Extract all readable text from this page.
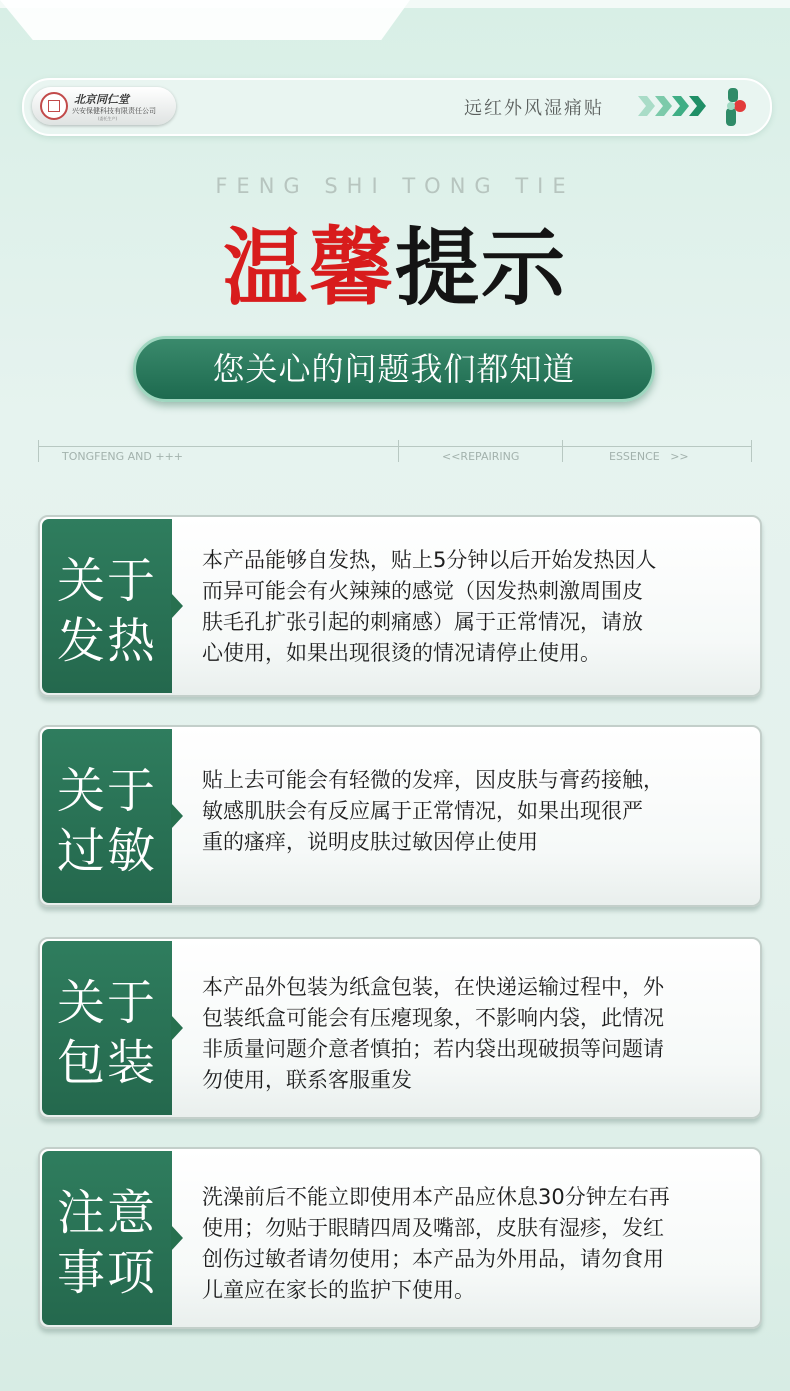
北京同仁堂
兴安保健科技有限责任公司
(委托生产)	远红外风湿痛贴
FENG SHI TONG TIE
温馨提示
您关心的问题我们都知道
TONGFENG AND +++	<<REPAIRING	ESSENCE   >>
关于
发热
本产品能够自发热，贴上5分钟以后开始发热因人
而异可能会有火辣辣的感觉（因发热刺激周围皮
肤毛孔扩张引起的刺痛感）属于正常情况，请放
心使用，如果出现很烫的情况请停止使用。
关于
过敏
贴上去可能会有轻微的发痒，因皮肤与膏药接触，
敏感肌肤会有反应属于正常情况，如果出现很严
重的瘙痒，说明皮肤过敏因停止使用
关于
包装
本产品外包装为纸盒包装，在快递运输过程中，外
包装纸盒可能会有压瘪现象，不影响内袋，此情况
非质量问题介意者慎拍；若内袋出现破损等问题请
勿使用，联系客服重发
注意
事项
洗澡前后不能立即使用本产品应休息30分钟左右再
使用；勿贴于眼睛四周及嘴部，皮肤有湿疹，发红
创伤过敏者请勿使用；本产品为外用品，请勿食用
儿童应在家长的监护下使用。
